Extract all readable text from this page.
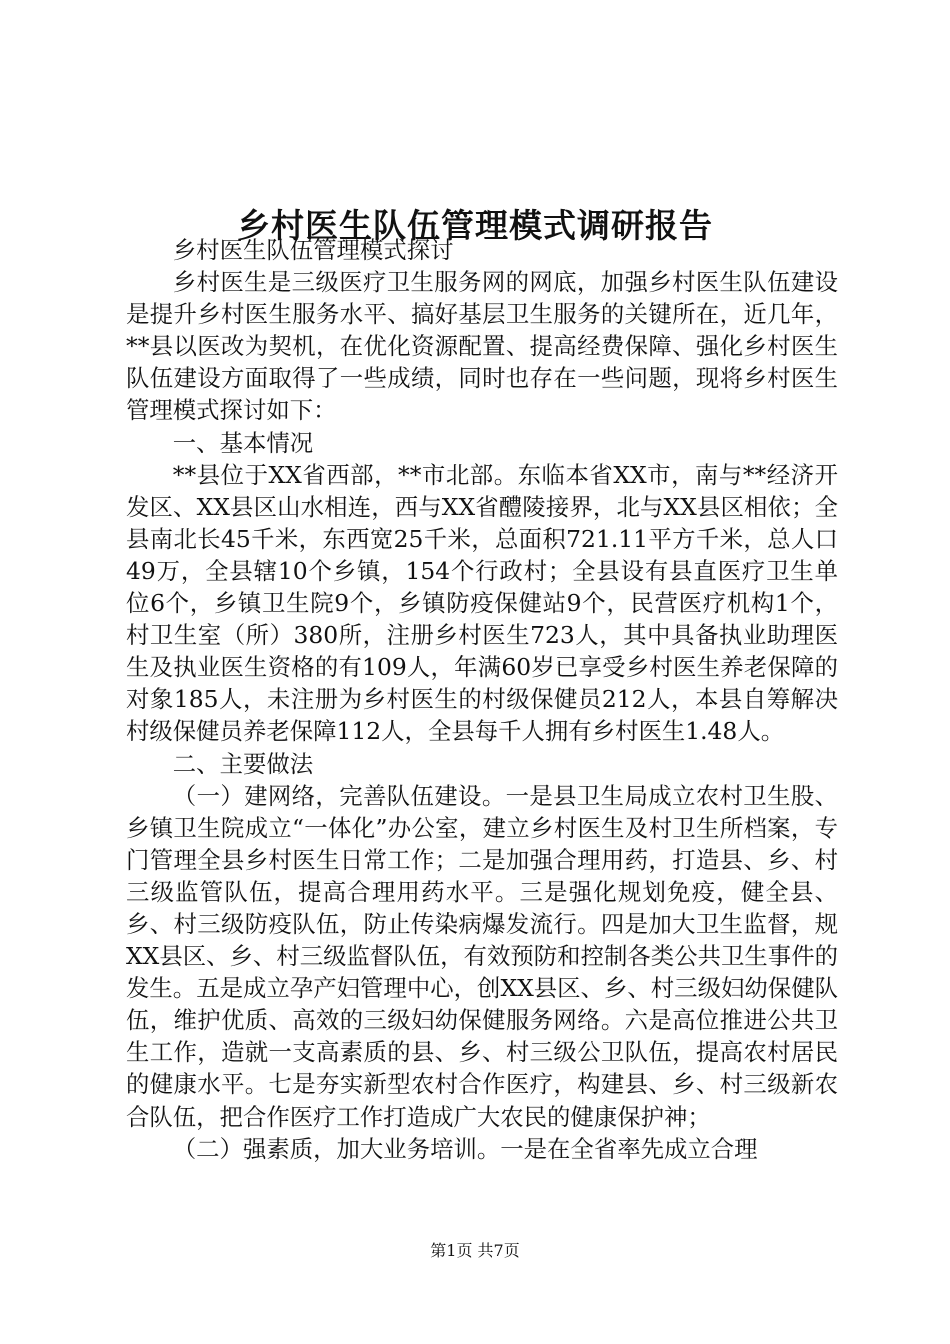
乡村医生队伍管理模式调研报告

乡村医生队伍管理模式探讨

乡村医生是三级医疗卫生服务网的网底，加强乡村医生队伍建设是提升乡村医生服务水平、搞好基层卫生服务的关键所在，近几年，**县以医改为契机，在优化资源配置、提高经费保障、强化乡村医生队伍建设方面取得了一些成绩，同时也存在一些问题，现将乡村医生管理模式探讨如下：

一、基本情况

**县位于XX省西部，**市北部。东临本省XX市，南与**经济开发区、XX县区山水相连，西与XX省醴陵接界，北与XX县区相依；全县南北长45千米，东西宽25千米，总面积721.11平方千米，总人口49万，全县辖10个乡镇，154个行政村；全县设有县直医疗卫生单位6个，乡镇卫生院9个，乡镇防疫保健站9个，民营医疗机构1个，村卫生室（所）380所，注册乡村医生723人，其中具备执业助理医生及执业医生资格的有109人，年满60岁已享受乡村医生养老保障的对象185人，未注册为乡村医生的村级保健员212人，本县自筹解决村级保健员养老保障112人，全县每千人拥有乡村医生1.48人。

二、主要做法

（一）建网络，完善队伍建设。一是县卫生局成立农村卫生股、乡镇卫生院成立“一体化”办公室，建立乡村医生及村卫生所档案，专门管理全县乡村医生日常工作；二是加强合理用药，打造县、乡、村三级监管队伍，提高合理用药水平。三是强化规划免疫，健全县、乡、村三级防疫队伍，防止传染病爆发流行。四是加大卫生监督，规XX县区、乡、村三级监督队伍，有效预防和控制各类公共卫生事件的发生。五是成立孕产妇管理中心，创XX县区、乡、村三级妇幼保健队伍，维护优质、高效的三级妇幼保健服务网络。六是高位推进公共卫生工作，造就一支高素质的县、乡、村三级公卫队伍，提高农村居民的健康水平。七是夯实新型农村合作医疗，构建县、乡、村三级新农合队伍，把合作医疗工作打造成广大农民的健康保护神；

（二）强素质，加大业务培训。一是在全省率先成立合理

第1页 共7页
